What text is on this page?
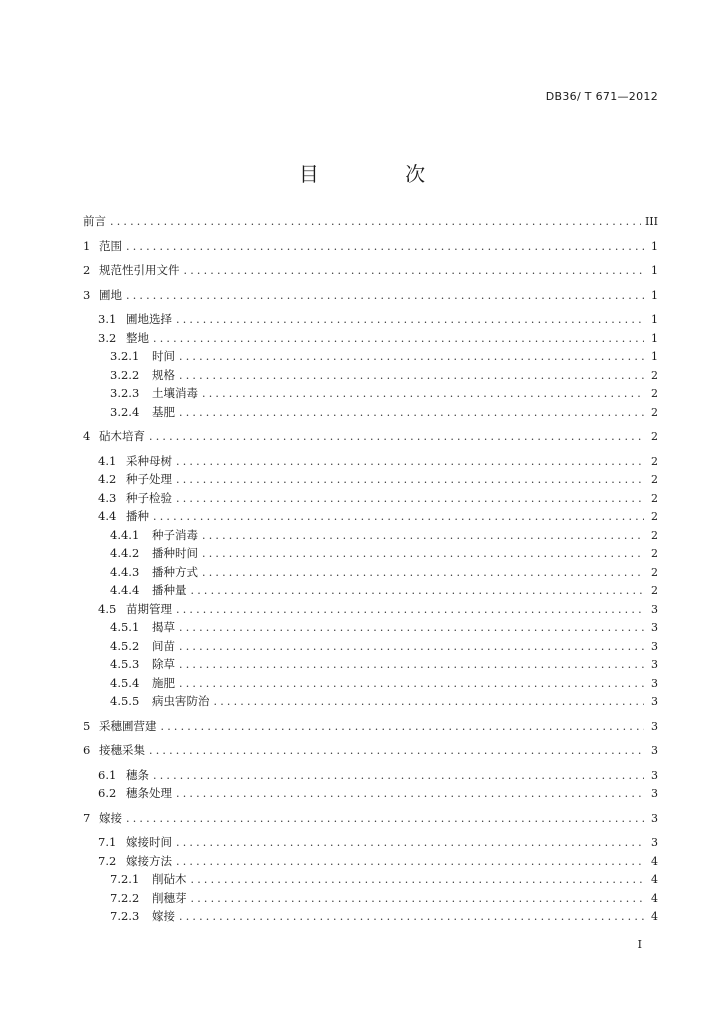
DB36/ T 671—2012
目 次
前言 .....	III
1 范围 .....	1
2 规范性引用文件 .....	1
3 圃地 .....	1
3.1 圃地选择 .....	1
3.2 整地 .....	1
3.2.1	时间 .....	1
3.2.2	规格 .....	2
3.2.3	土壤消毒 .....	2
3.2.4	基肥 .....	2
4 砧木培育 .....	2
4.1 采种母树 .....	2
4.2 种子处理 .....	2
4.3 种子检验 .....	2
4.4 播种 .....	2
4.4.1	种子消毒 .....	2
4.4.2	播种时间 .....	2
4.4.3	播种方式 .....	2
4.4.4	播种量 .....	2
4.5 苗期管理 .....	3
4.5.1	揭草 .....	3
4.5.2	间苗 .....	3
4.5.3	除草 .....	3
4.5.4	施肥 .....	3
4.5.5	病虫害防治 .....	3
5 采穗圃营建 .....	3
6 接穗采集 .....	3
6.1 穗条 .....	3
6.2 穗条处理 .....	3
7 嫁接 .....	3
7.1 嫁接时间 .....	3
7.2 嫁接方法 .....	4
7.2.1	削砧木 .....	4
7.2.2	削穗芽 .....	4
7.2.3	嫁接 .....	4
I
